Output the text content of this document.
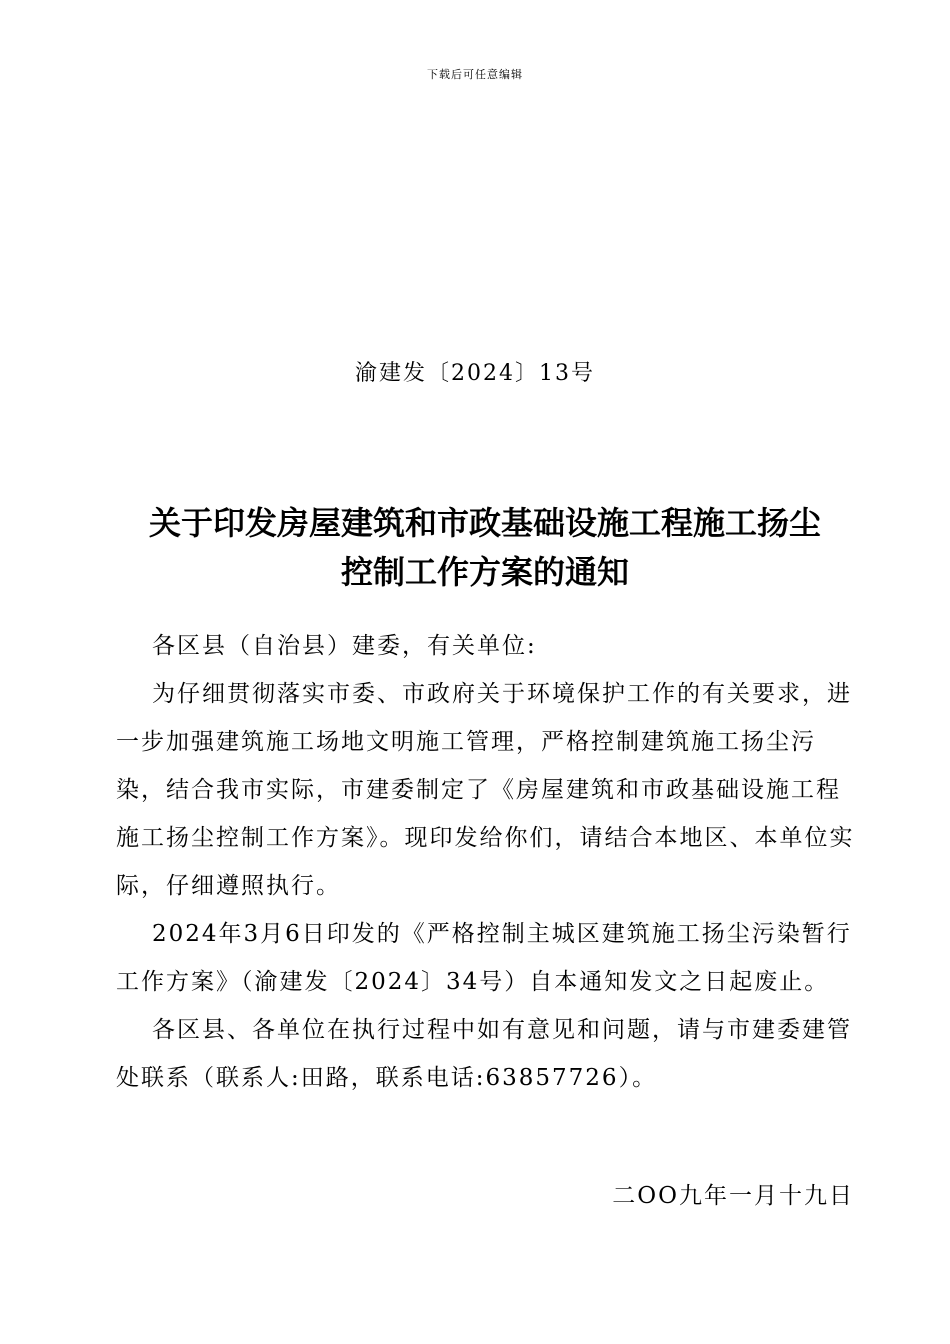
下载后可任意编辑
渝建发〔2024〕13号
关于印发房屋建筑和市政基础设施工程施工扬尘
控制工作方案的通知

各区县（自治县）建委，有关单位:

为仔细贯彻落实市委、市政府关于环境保护工作的有关要求，进一步加强建筑施工场地文明施工管理，严格控制建筑施工扬尘污染，结合我市实际，市建委制定了《房屋建筑和市政基础设施工程施工扬尘控制工作方案》。现印发给你们，请结合本地区、本单位实际，仔细遵照执行。

2024年3月6日印发的《严格控制主城区建筑施工扬尘污染暂行工作方案》（渝建发〔2024〕34号）自本通知发文之日起废止。

各区县、各单位在执行过程中如有意见和问题，请与市建委建管处联系（联系人:田路，联系电话:63857726）。

二OO九年一月十九日
